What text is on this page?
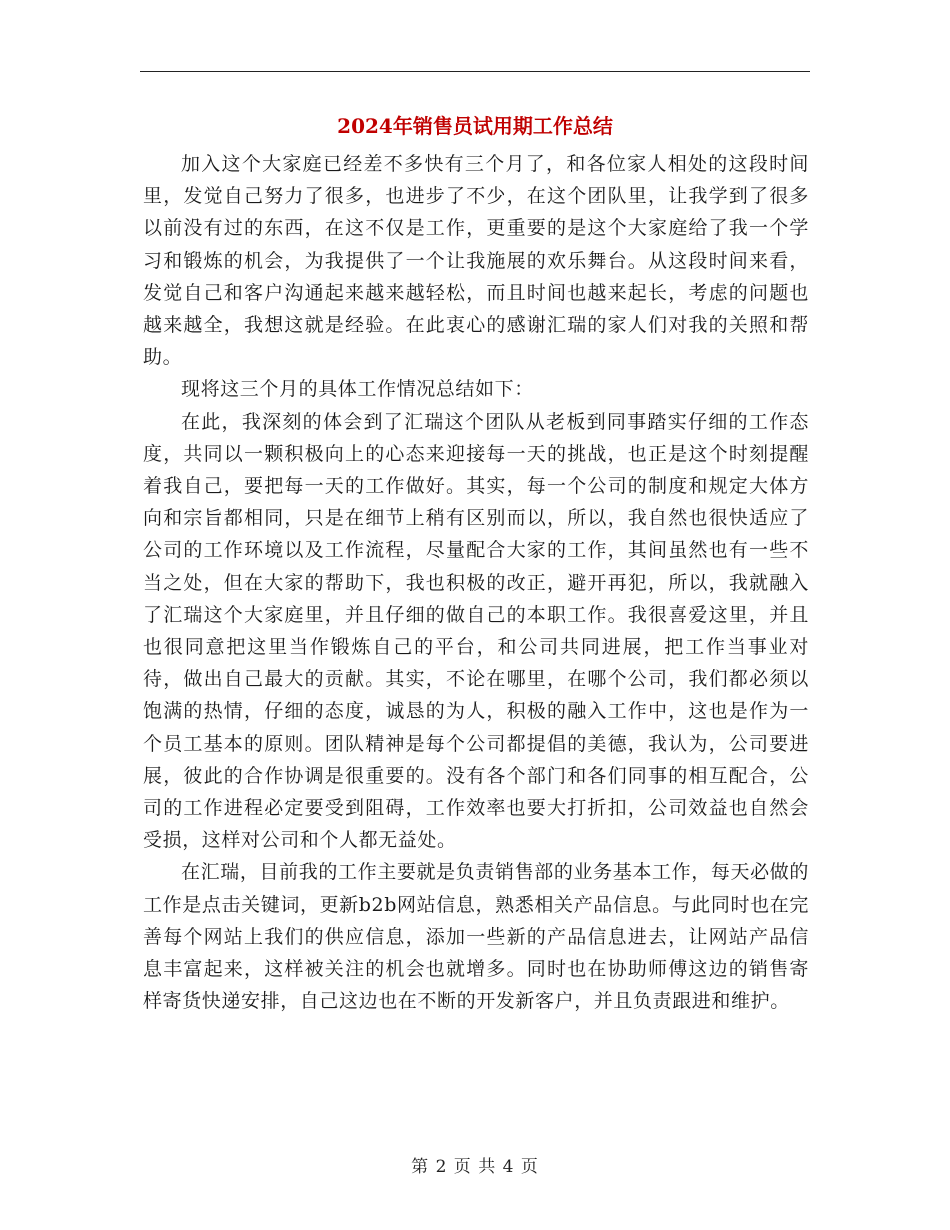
2024年销售员试用期工作总结

加入这个大家庭已经差不多快有三个月了，和各位家人相处的这段时间里，发觉自己努力了很多，也进步了不少，在这个团队里，让我学到了很多以前没有过的东西，在这不仅是工作，更重要的是这个大家庭给了我一个学习和锻炼的机会，为我提供了一个让我施展的欢乐舞台。从这段时间来看，发觉自己和客户沟通起来越来越轻松，而且时间也越来起长，考虑的问题也越来越全，我想这就是经验。在此衷心的感谢汇瑞的家人们对我的关照和帮助。

现将这三个月的具体工作情况总结如下：

在此，我深刻的体会到了汇瑞这个团队从老板到同事踏实仔细的工作态度，共同以一颗积极向上的心态来迎接每一天的挑战，也正是这个时刻提醒着我自己，要把每一天的工作做好。其实，每一个公司的制度和规定大体方向和宗旨都相同，只是在细节上稍有区别而以，所以，我自然也很快适应了公司的工作环境以及工作流程，尽量配合大家的工作，其间虽然也有一些不当之处，但在大家的帮助下，我也积极的改正，避开再犯，所以，我就融入了汇瑞这个大家庭里，并且仔细的做自己的本职工作。我很喜爱这里，并且也很同意把这里当作锻炼自己的平台，和公司共同进展，把工作当事业对待，做出自己最大的贡献。其实，不论在哪里，在哪个公司，我们都必须以饱满的热情，仔细的态度，诚恳的为人，积极的融入工作中，这也是作为一个员工基本的原则。团队精神是每个公司都提倡的美德，我认为，公司要进展，彼此的合作协调是很重要的。没有各个部门和各们同事的相互配合，公司的工作进程必定要受到阻碍，工作效率也要大打折扣，公司效益也自然会受损，这样对公司和个人都无益处。

在汇瑞，目前我的工作主要就是负责销售部的业务基本工作，每天必做的工作是点击关键词，更新b2b网站信息，熟悉相关产品信息。与此同时也在完善每个网站上我们的供应信息，添加一些新的产品信息进去，让网站产品信息丰富起来，这样被关注的机会也就增多。同时也在协助师傅这边的销售寄样寄货快递安排，自己这边也在不断的开发新客户，并且负责跟进和维护。

第 2 页 共 4 页
